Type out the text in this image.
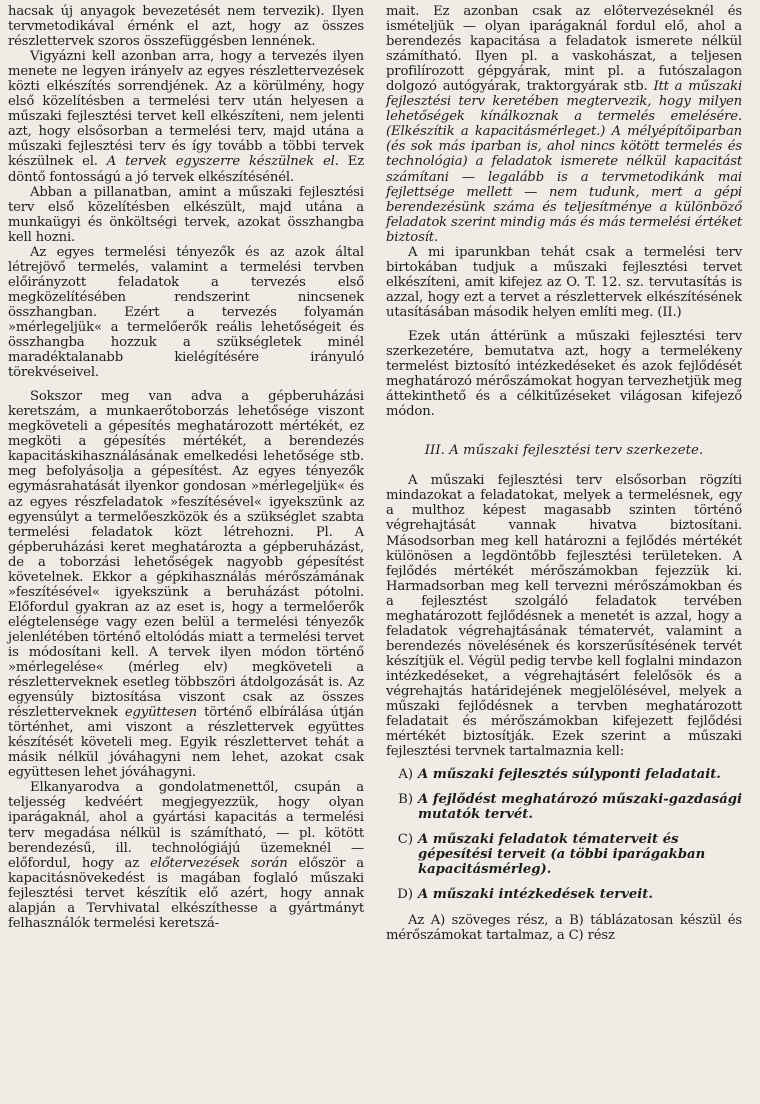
hacsak új anyagok bevezetését nem tervezik). Ilyen tervmetodikával érnénk el azt, hogy az összes részlettervek szoros összefüggésben lennének.

Vigyázni kell azonban arra, hogy a tervezés ilyen menete ne legyen irányelv az egyes részlettervezések közti elkészítés sorrendjének. Az a körülmény, hogy első közelítésben a termelési terv után helyesen a műszaki fejlesztési tervet kell elkészíteni, nem jelenti azt, hogy elsősorban a termelési terv, majd utána a műszaki fejlesztési terv és így tovább a többi tervek készülnek el. A tervek egyszerre készülnek el. Ez döntő fontosságú a jó tervek elkészítésénél.

Abban a pillanatban, amint a műszaki fejlesztési terv első közelítésben elkészült, majd utána a munkaügyi és önköltségi tervek, azokat összhangba kell hozni.

Az egyes termelési tényezők és az azok által létrejövő termelés, valamint a termelési tervben előirányzott feladatok a tervezés első megközelítésében rendszerint nincsenek összhangban. Ezért a tervezés folyamán »mérlegeljük« a termelőerők reális lehetőségeit és összhangba hozzuk a szükségletek minél maradéktalanabb kielégítésére irányuló törekvéseivel.

Sokszor meg van adva a gépberuházási keretszám, a munkaerőtoborzás lehetősége viszont megköveteli a gépesítés meghatározott mértékét, ez megköti a gépesítés mértékét, a berendezés kapacitáskihasználásának emelkedési lehetősége stb. meg befolyásolja a gépesítést. Az egyes tényezők egymásrahatását ilyenkor gondosan »mérlegeljük« és az egyes részfeladatok »feszítésével« igyekszünk az egyensúlyt a termelőeszközök és a szükséglet szabta termelési feladatok közt létrehozni. Pl. A gépberuházási keret meghatározta a gépberuházást, de a toborzási lehetőségek nagyobb gépesítést követelnek. Ekkor a gépkihasználás mérőszámának »feszítésével« igyekszünk a beruházást pótolni. Előfordul gyakran az az eset is, hogy a termelőerők elégtelensége vagy ezen belül a termelési tényezők jelenlétében történő eltolódás miatt a termelési tervet is módosítani kell. A tervek ilyen módon történő »mérlegelése« (mérleg elv) megköveteli a részletterveknek esetleg többszöri átdolgozását is. Az egyensúly biztosítása viszont csak az összes részletterveknek együttesen történő elbírálása útján történhet, ami viszont a részlettervek együttes készítését követeli meg. Egyik részlettervet tehát a másik nélkül jóváhagyni nem lehet, azokat csak együttesen lehet jóváhagyni.

Elkanyarodva a gondolatmenettől, csupán a teljesség kedvéért megjegyezzük, hogy olyan iparágaknál, ahol a gyártási kapacitás a termelési terv megadása nélkül is számítható, — pl. kötött berendezésű, ill. technológiájú üzemeknél — előfordul, hogy az előtervezések során először a kapacitásnövekedést is magában foglaló műszaki fejlesztési tervet készítik elő azért, hogy annak alapján a Tervhivatal elkészíthesse a gyártmányt felhasználók termelési keretszá-

mait. Ez azonban csak az előtervezéseknél és ismételjük — olyan iparágaknál fordul elő, ahol a berendezés kapacitása a feladatok ismerete nélkül számítható. Ilyen pl. a vaskohászat, a teljesen profilírozott gépgyárak, mint pl. a futószalagon dolgozó autógyárak, traktorgyárak stb. Itt a műszaki fejlesztési terv keretében megtervezik, hogy milyen lehetőségek kínálkoznak a termelés emelésére. (Elkészítik a kapacitásmérleget.) A mélyépítőiparban (és sok más iparban is, ahol nincs kötött termelés és technológia) a feladatok ismerete nélkül kapacitást számítani — legalább is a tervmetodikánk mai fejlettsége mellett — nem tudunk, mert a gépi berendezésünk száma és teljesítménye a különböző feladatok szerint mindig más és más termelési értéket biztosít.

A mi iparunkban tehát csak a termelési terv birtokában tudjuk a műszaki fejlesztési tervet elkészíteni, amit kifejez az O. T. 12. sz. tervutasítás is azzal, hogy ezt a tervet a részlettervek elkészítésének utasításában második helyen említi meg. (II.)

Ezek után áttérünk a műszaki fejlesztési terv szerkezetére, bemutatva azt, hogy a termelékeny termelést biztosító intézkedéseket és azok fejlődését meghatározó mérőszámokat hogyan tervezhetjük meg áttekinthető és a célkitűzéseket világosan kifejező módon.

III. A műszaki fejlesztési terv szerkezete.

A műszaki fejlesztési terv elsősorban rögzíti mindazokat a feladatokat, melyek a termelésnek, egy a multhoz képest magasabb szinten történő végrehajtását vannak hivatva biztosítani. Másodsorban meg kell határozni a fejlődés mértékét különösen a legdöntőbb fejlesztési területeken. A fejlődés mértékét mérőszámokban fejezzük ki. Harmadsorban meg kell tervezni mérőszámokban és a fejlesztést szolgáló feladatok tervében meghatározott fejlődésnek a menetét is azzal, hogy a feladatok végrehajtásának tématervét, valamint a berendezés növelésének és korszerűsítésének tervét készítjük el. Végül pedig tervbe kell foglalni mindazon intézkedéseket, a végrehajtásért felelősök és a végrehajtás határidejének megjelölésével, melyek a műszaki fejlődésnek a tervben meghatározott feladatait és mérőszámokban kifejezett fejlődési mértékét biztosítják. Ezek szerint a műszaki fejlesztési tervnek tartalmaznia kell:

A) A műszaki fejlesztés súlyponti feladatait.
B) A fejlődést meghatározó műszaki-gazdasági mutatók tervét.
C) A műszaki feladatok tématerveit és gépesítési terveit (a többi iparágakban kapacitásmérleg).
D) A műszaki intézkedések terveit.

Az A) szöveges rész, a B) táblázatosan készül és mérőszámokat tartalmaz, a C) rész
